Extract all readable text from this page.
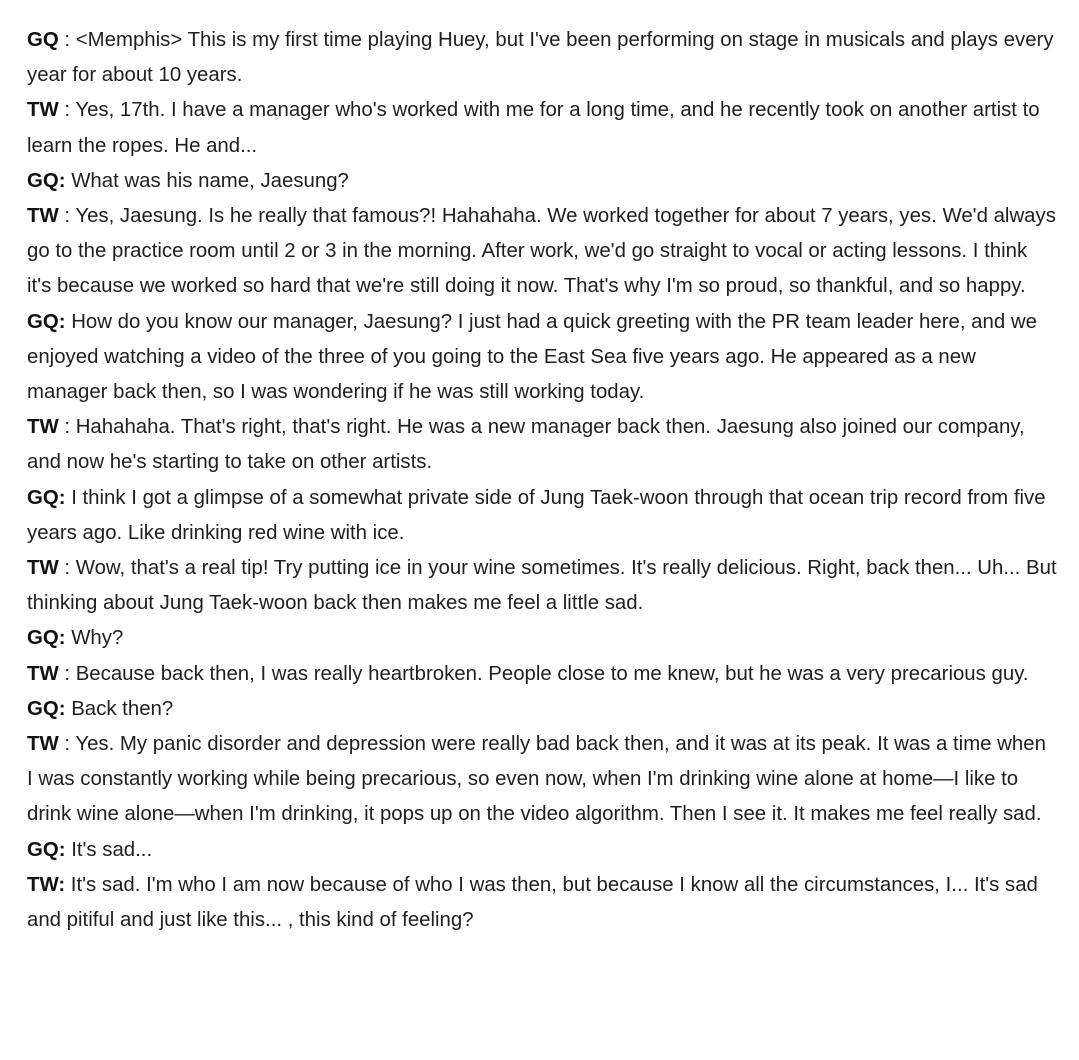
GQ : <Memphis> This is my first time playing Huey, but I've been performing on stage in musicals and plays every year for about 10 years.

TW : Yes, 17th. I have a manager who's worked with me for a long time, and he recently took on another artist to learn the ropes. He and...

GQ: What was his name, Jaesung?

TW : Yes, Jaesung. Is he really that famous?! Hahahaha. We worked together for about 7 years, yes. We'd always go to the practice room until 2 or 3 in the morning. After work, we'd go straight to vocal or acting lessons. I think it's because we worked so hard that we're still doing it now. That's why I'm so proud, so thankful, and so happy.

GQ: How do you know our manager, Jaesung? I just had a quick greeting with the PR team leader here, and we enjoyed watching a video of the three of you going to the East Sea five years ago. He appeared as a new manager back then, so I was wondering if he was still working today.

TW : Hahahaha. That's right, that's right. He was a new manager back then. Jaesung also joined our company, and now he's starting to take on other artists.

GQ: I think I got a glimpse of a somewhat private side of Jung Taek-woon through that ocean trip record from five years ago. Like drinking red wine with ice.

TW : Wow, that's a real tip! Try putting ice in your wine sometimes. It's really delicious. Right, back then... Uh... But thinking about Jung Taek-woon back then makes me feel a little sad.

GQ: Why?

TW : Because back then, I was really heartbroken. People close to me knew, but he was a very precarious guy.

GQ: Back then?

TW : Yes. My panic disorder and depression were really bad back then, and it was at its peak. It was a time when I was constantly working while being precarious, so even now, when I'm drinking wine alone at home—I like to drink wine alone—when I'm drinking, it pops up on the video algorithm. Then I see it. It makes me feel really sad.

GQ: It's sad...

TW: It's sad. I'm who I am now because of who I was then, but because I know all the circumstances, I... It's sad and pitiful and just like this... , this kind of feeling?
